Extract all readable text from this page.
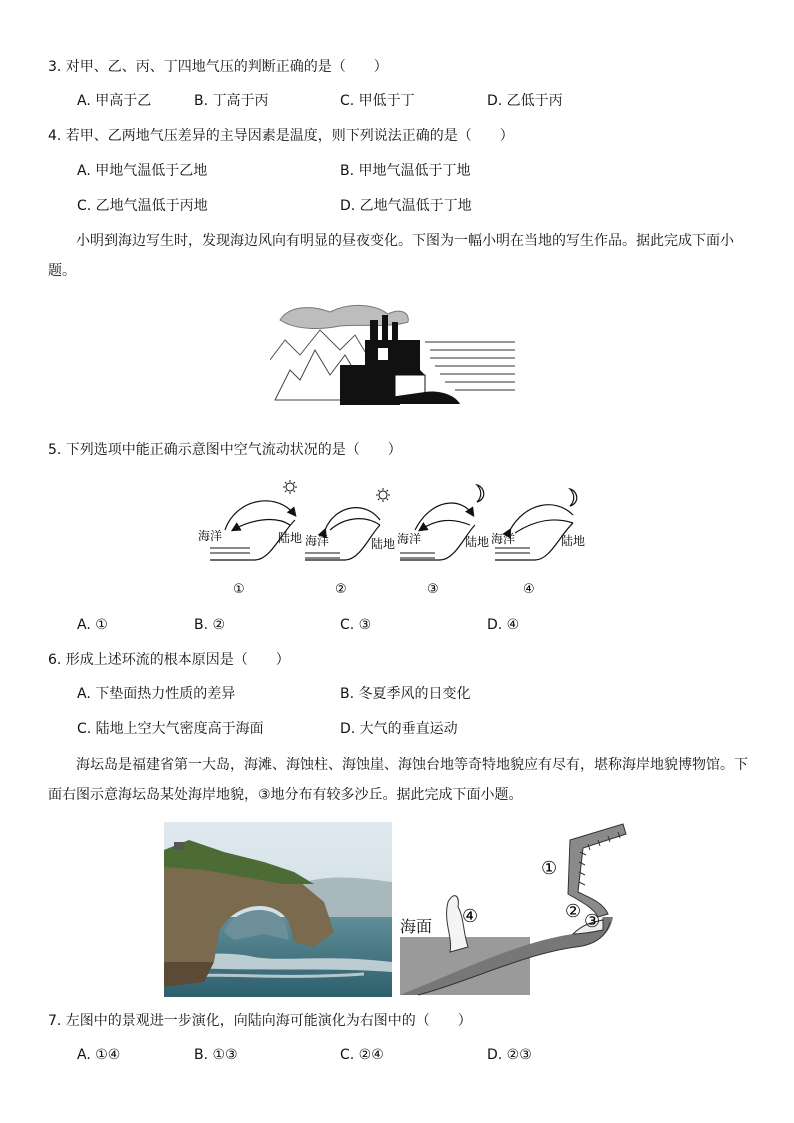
3. 对甲、乙、丙、丁四地气压的判断正确的是（　　）
A. 甲高于乙	B. 丁高于丙	C. 甲低于丁	D. 乙低于丙
4. 若甲、乙两地气压差异的主导因素是温度，则下列说法正确的是（　　）
A. 甲地气温低于乙地	B. 甲地气温低于丁地
C. 乙地气温低于丙地	D. 乙地气温低于丁地
小明到海边写生时，发现海边风向有明显的昼夜变化。下图为一幅小明在当地的写生作品。据此完成下面小题。
5. 下列选项中能正确示意图中空气流动状况的是（　　）
海洋	陆地
①
海洋	陆地
②
海洋	陆地
③
海洋	陆地
④
A. ①	B. ②	C. ③	D. ④
6. 形成上述环流的根本原因是（　　）
A. 下垫面热力性质的差异	B. 冬夏季风的日变化
C. 陆地上空大气密度高于海面	D. 大气的垂直运动
海坛岛是福建省第一大岛，海滩、海蚀柱、海蚀崖、海蚀台地等奇特地貌应有尽有，堪称海岸地貌博物馆。下面右图示意海坛岛某处海岸地貌，③地分布有较多沙丘。据此完成下面小题。
海面
①
② ③
④
7. 左图中的景观进一步演化，向陆向海可能演化为右图中的（　　）
A. ①④	B. ①③	C. ②④	D. ②③
